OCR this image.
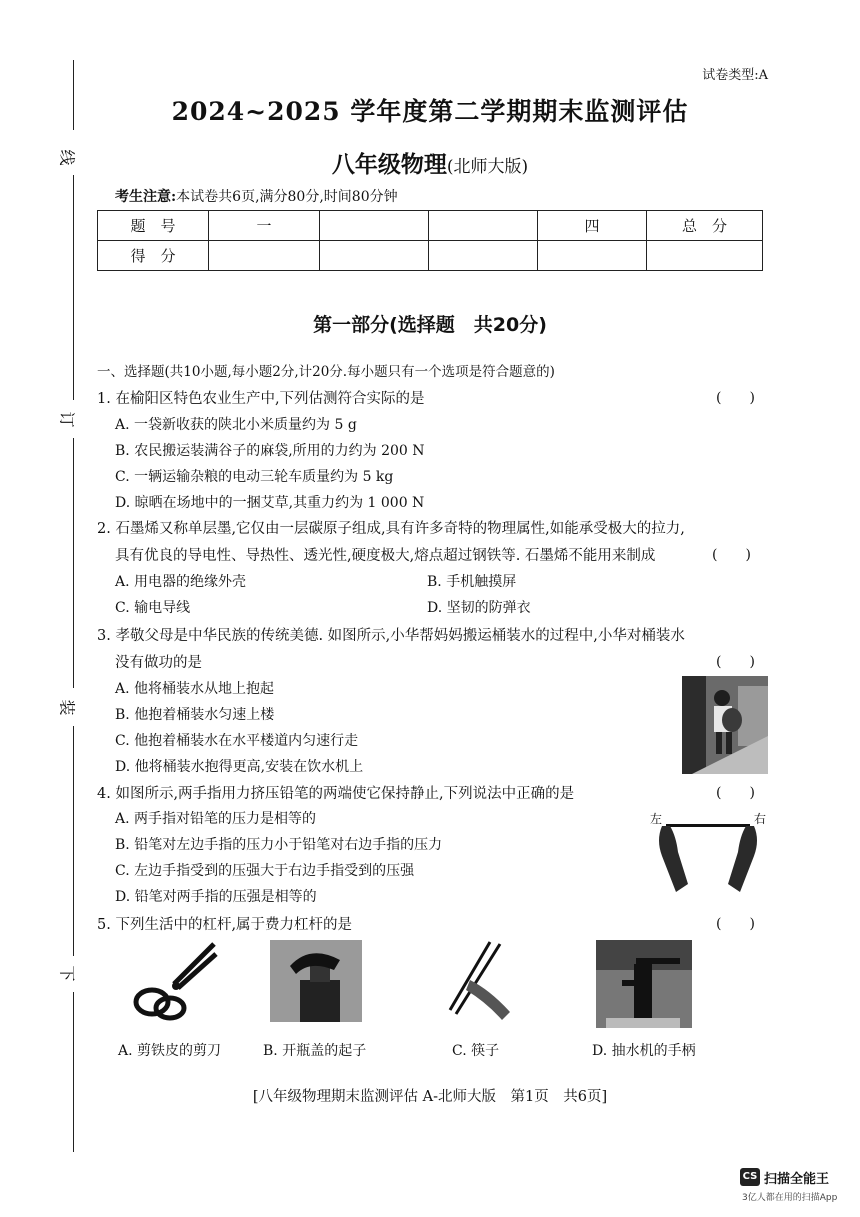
线
订
装
下
试卷类型:A
2024~2025 学年度第二学期期末监测评估
八年级物理(北师大版)
考生注意:本试卷共6页,满分80分,时间80分钟
题　号	一			四	总　分
得　分					
第一部分(选择题　共20分)
一、选择题(共10小题,每小题2分,计20分.每小题只有一个选项是符合题意的)
1. 在榆阳区特色农业生产中,下列估测符合实际的是	(　　)
A. 一袋新收获的陕北小米质量约为 5 g
B. 农民搬运装满谷子的麻袋,所用的力约为 200 N
C. 一辆运输杂粮的电动三轮车质量约为 5 kg
D. 晾晒在场地中的一捆艾草,其重力约为 1 000 N
2. 石墨烯又称单层墨,它仅由一层碳原子组成,具有许多奇特的物理属性,如能承受极大的拉力,
具有优良的导电性、导热性、透光性,硬度极大,熔点超过钢铁等. 石墨烯不能用来制成	(　　)
A. 用电器的绝缘外壳	B. 手机触摸屏
C. 输电导线	D. 坚韧的防弹衣
3. 孝敬父母是中华民族的传统美德. 如图所示,小华帮妈妈搬运桶装水的过程中,小华对桶装水
没有做功的是	(　　)
A. 他将桶装水从地上抱起
B. 他抱着桶装水匀速上楼
C. 他抱着桶装水在水平楼道内匀速行走
D. 他将桶装水抱得更高,安装在饮水机上
4. 如图所示,两手指用力挤压铅笔的两端使它保持静止,下列说法中正确的是	(　　)
A. 两手指对铅笔的压力是相等的
B. 铅笔对左边手指的压力小于铅笔对右边手指的压力
C. 左边手指受到的压强大于右边手指受到的压强
D. 铅笔对两手指的压强是相等的
左	右
5. 下列生活中的杠杆,属于费力杠杆的是	(　　)
A. 剪铁皮的剪刀	B. 开瓶盖的起子	C. 筷子	D. 抽水机的手柄
[八年级物理期末监测评估 A-北师大版　第1页　共6页]
CS 扫描全能王
3亿人都在用的扫描App
